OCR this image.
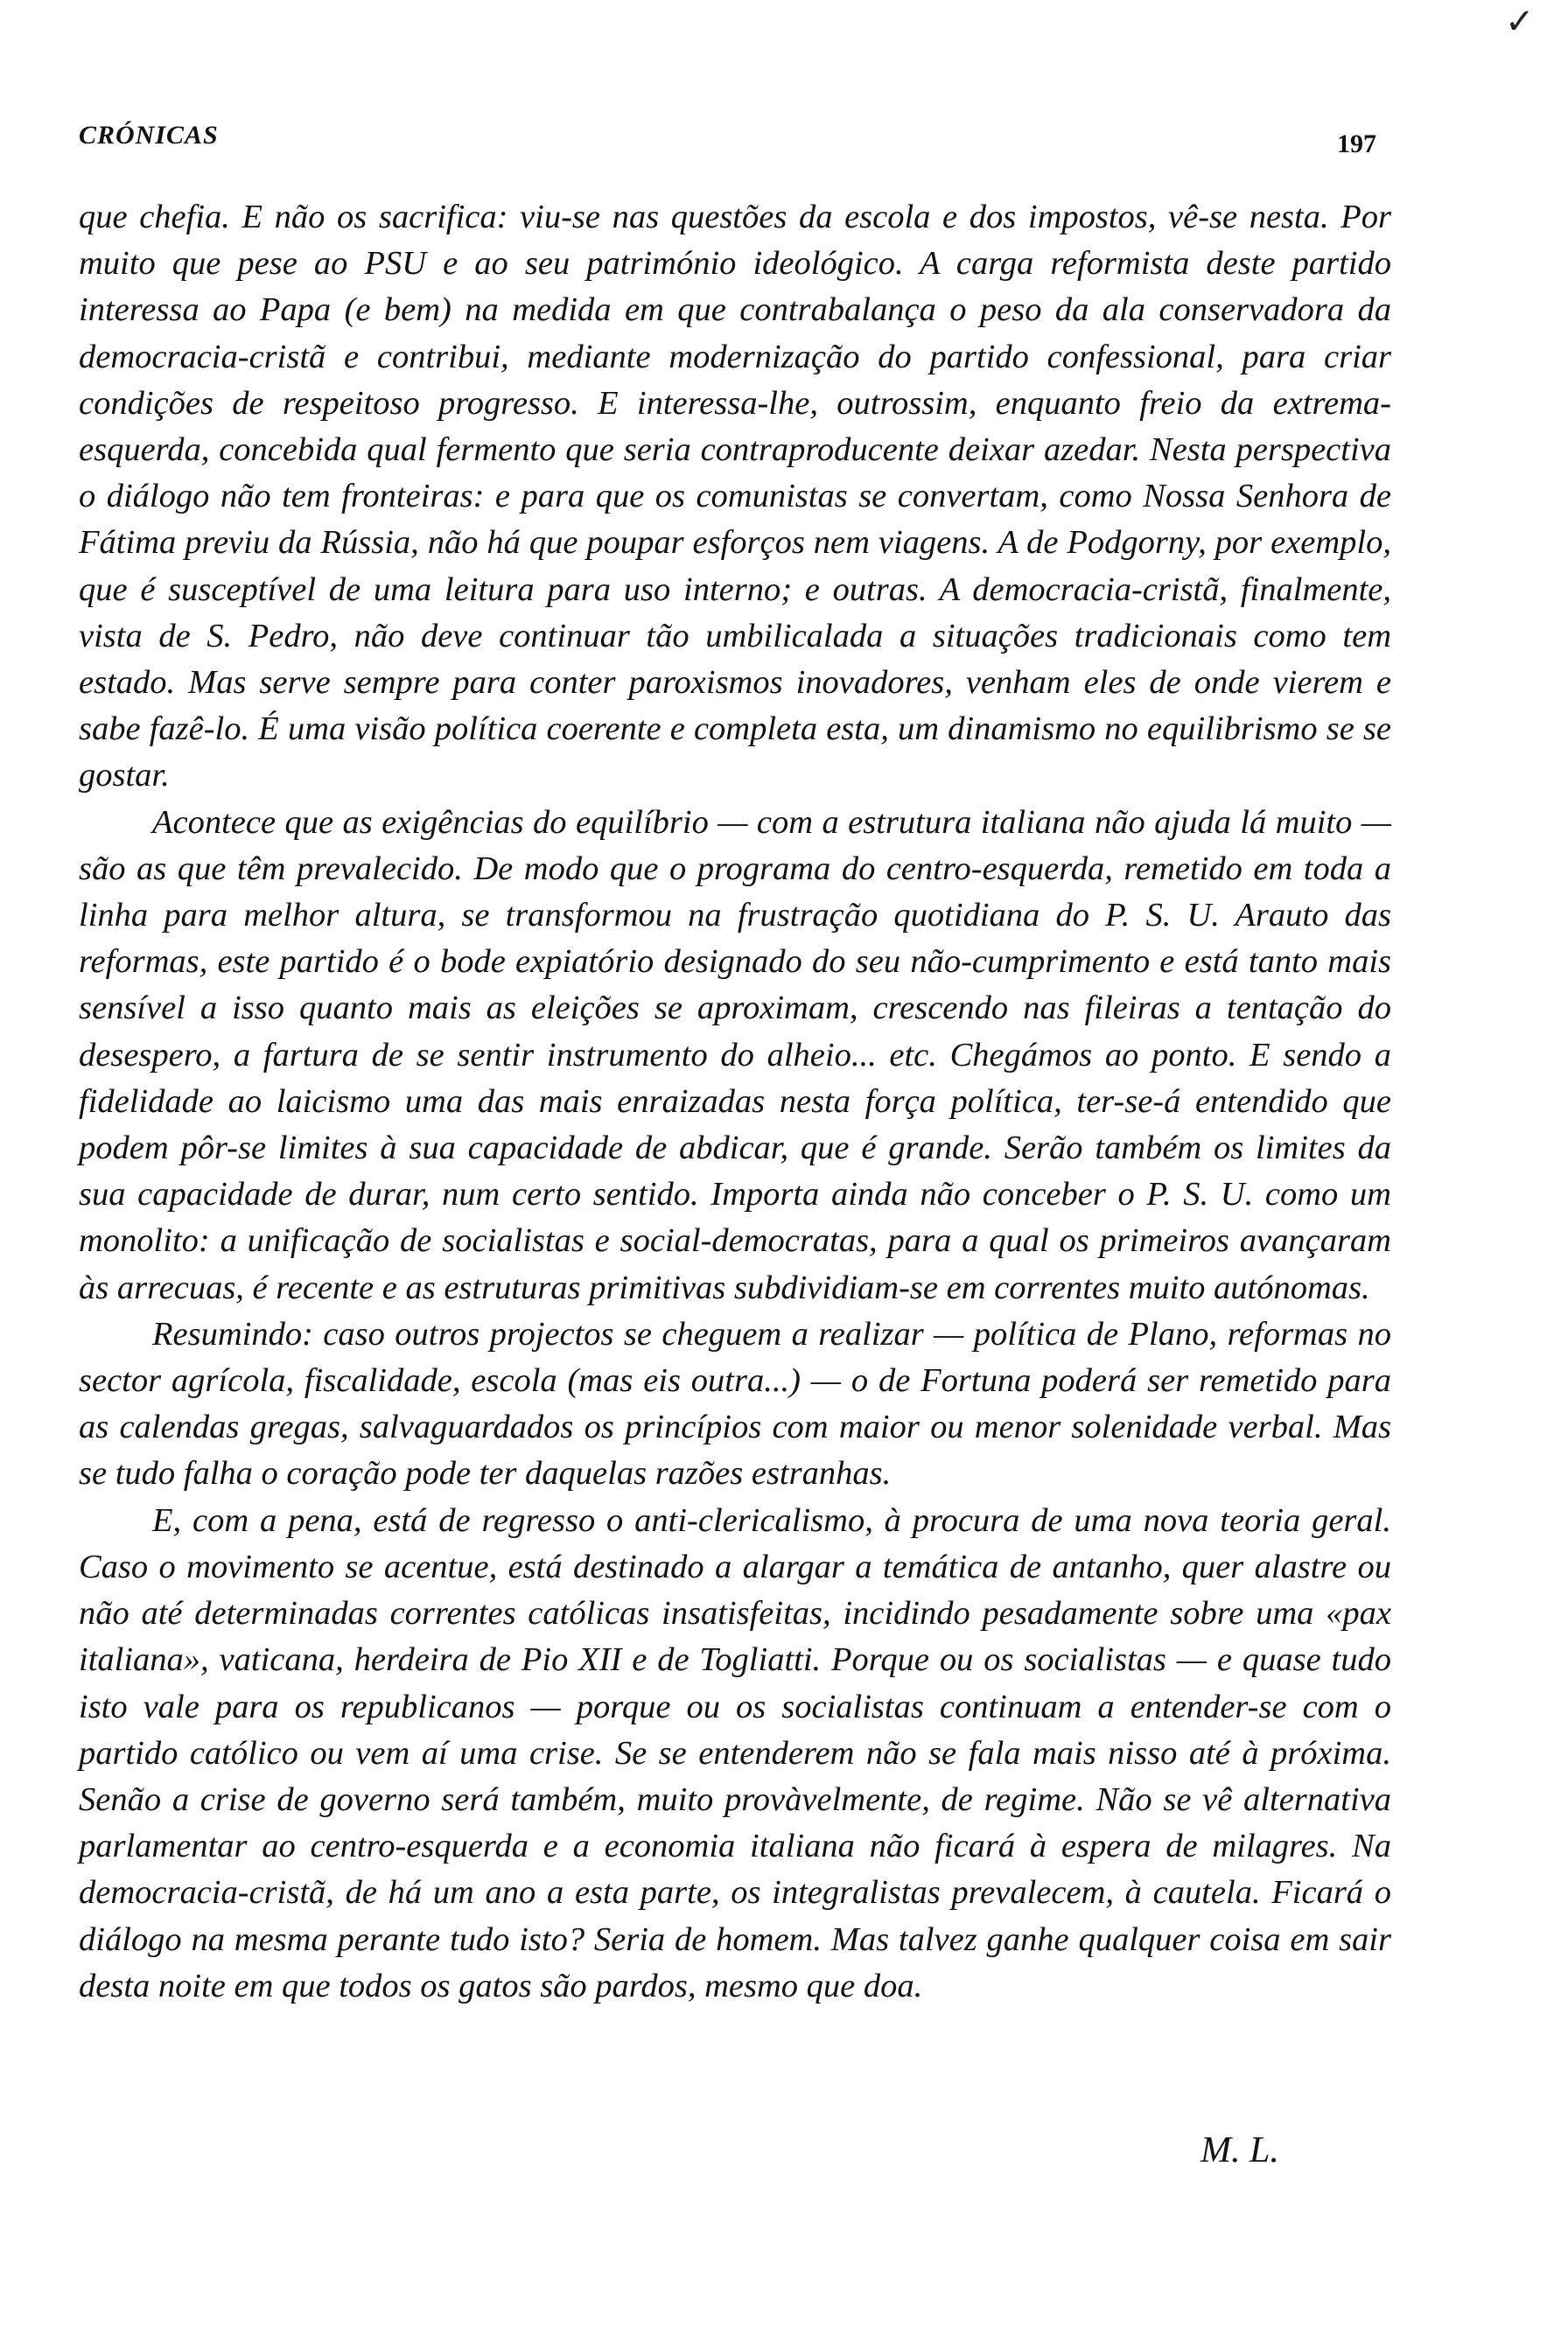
✓
CRÓNICAS	197

que chefia. E não os sacrifica: viu-se nas questões da escola e dos impostos, vê-se nesta. Por muito que pese ao PSU e ao seu património ideológico. A carga reformista deste partido interessa ao Papa (e bem) na medida em que contrabalança o peso da ala conservadora da democracia-cristã e contribui, mediante modernização do partido confessional, para criar condições de respeitoso progresso. E interessa-lhe, outrossim, enquanto freio da extrema-esquerda, concebida qual fermento que seria contraproducente deixar azedar. Nesta perspectiva o diálogo não tem fronteiras: e para que os comunistas se convertam, como Nossa Senhora de Fátima previu da Rússia, não há que poupar esforços nem viagens. A de Podgorny, por exemplo, que é susceptível de uma leitura para uso interno; e outras. A democracia-cristã, finalmente, vista de S. Pedro, não deve continuar tão umbilicalada a situações tradicionais como tem estado. Mas serve sempre para conter paroxismos inovadores, venham eles de onde vierem e sabe fazê-lo. É uma visão política coerente e completa esta, um dinamismo no equilibrismo se se gostar.

Acontece que as exigências do equilíbrio — com a estrutura italiana não ajuda lá muito — são as que têm prevalecido. De modo que o programa do centro-esquerda, remetido em toda a linha para melhor altura, se transformou na frustração quotidiana do P. S. U. Arauto das reformas, este partido é o bode expiatório designado do seu não-cumprimento e está tanto mais sensível a isso quanto mais as eleições se aproximam, crescendo nas fileiras a tentação do desespero, a fartura de se sentir instrumento do alheio... etc. Chegámos ao ponto. E sendo a fidelidade ao laicismo uma das mais enraizadas nesta força política, ter-se-á entendido que podem pôr-se limites à sua capacidade de abdicar, que é grande. Serão também os limites da sua capacidade de durar, num certo sentido. Importa ainda não conceber o P. S. U. como um monolito: a unificação de socialistas e social-democratas, para a qual os primeiros avançaram às arrecuas, é recente e as estruturas primitivas subdividiam-se em correntes muito autónomas.

Resumindo: caso outros projectos se cheguem a realizar — política de Plano, reformas no sector agrícola, fiscalidade, escola (mas eis outra...) — o de Fortuna poderá ser remetido para as calendas gregas, salvaguardados os princípios com maior ou menor solenidade verbal. Mas se tudo falha o coração pode ter daquelas razões estranhas.

E, com a pena, está de regresso o anti-clericalismo, à procura de uma nova teoria geral. Caso o movimento se acentue, está destinado a alargar a temática de antanho, quer alastre ou não até determinadas correntes católicas insatisfeitas, incidindo pesadamente sobre uma «pax italiana», vaticana, herdeira de Pio XII e de Togliatti. Porque ou os socialistas — e quase tudo isto vale para os republicanos — porque ou os socialistas continuam a entender-se com o partido católico ou vem aí uma crise. Se se entenderem não se fala mais nisso até à próxima. Senão a crise de governo será também, muito provàvelmente, de regime. Não se vê alternativa parlamentar ao centro-esquerda e a economia italiana não ficará à espera de milagres. Na democracia-cristã, de há um ano a esta parte, os integralistas prevalecem, à cautela. Ficará o diálogo na mesma perante tudo isto? Seria de homem. Mas talvez ganhe qualquer coisa em sair desta noite em que todos os gatos são pardos, mesmo que doa.

M. L.
